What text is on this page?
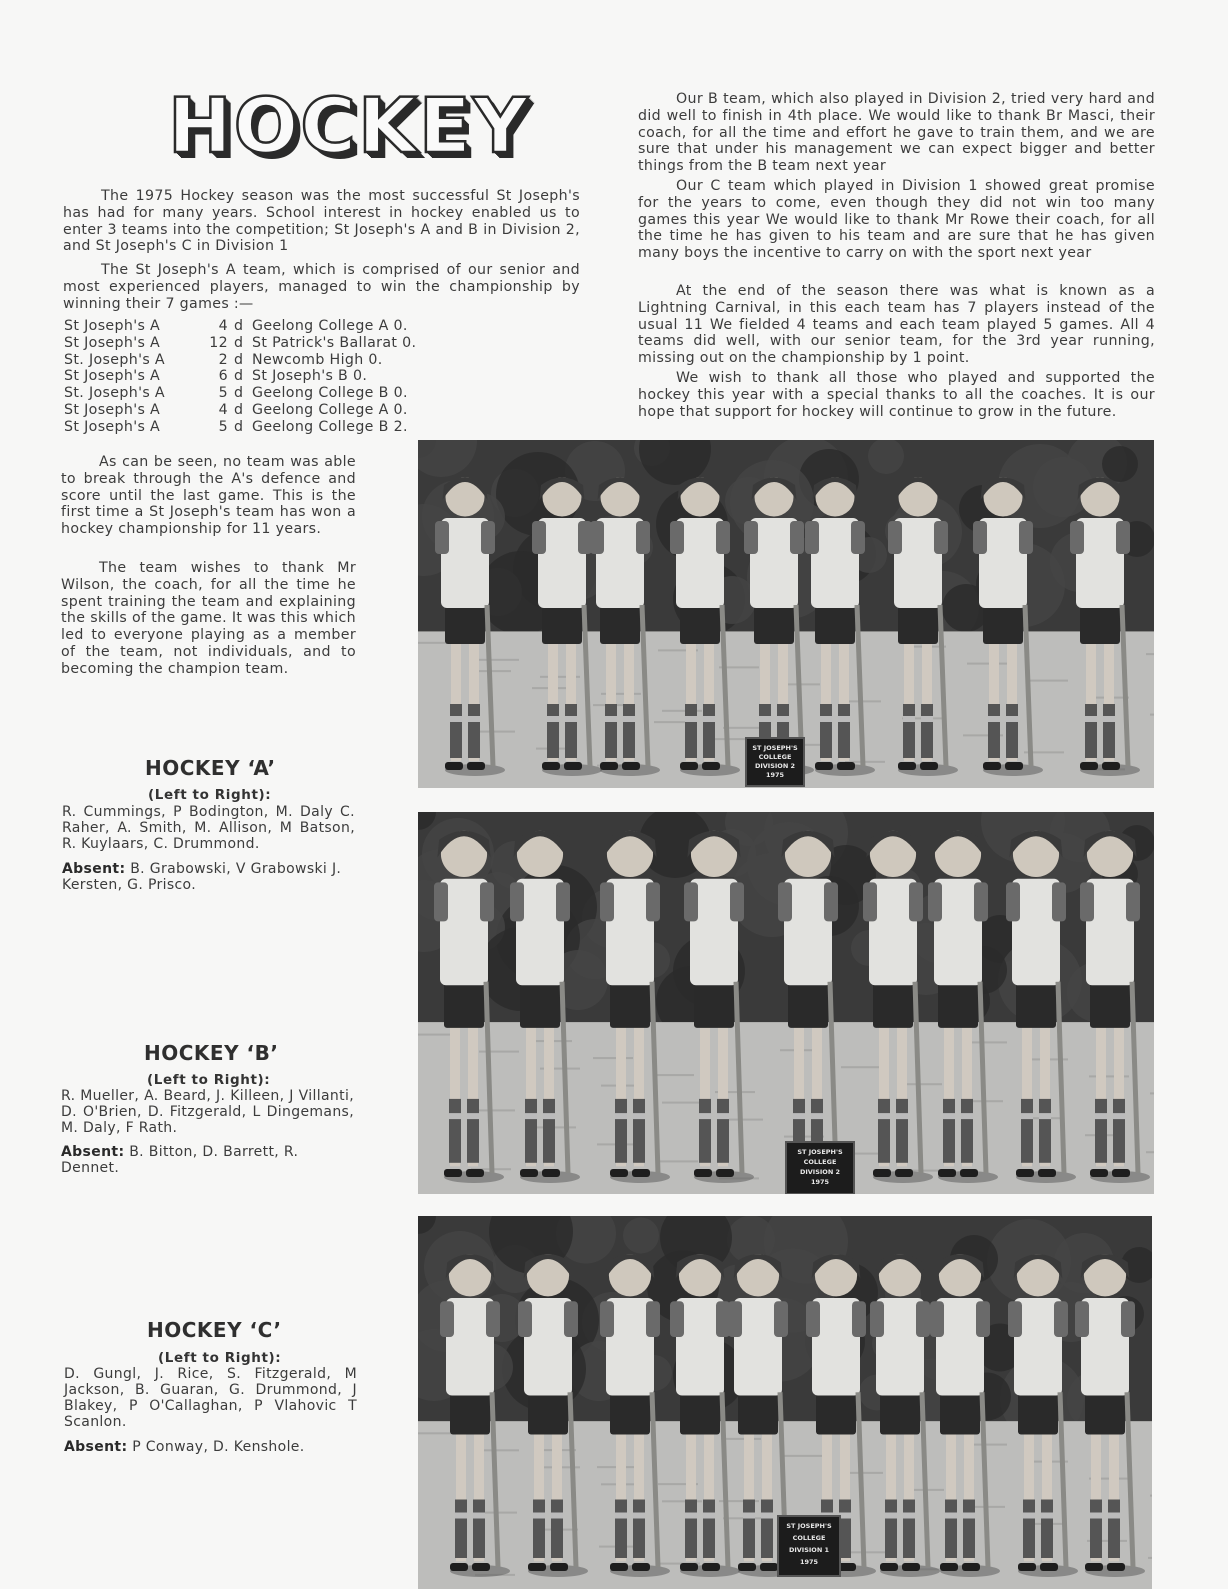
HOCKEY

The 1975 Hockey season was the most successful St Joseph's has had for many years. School interest in hockey enabled us to enter 3 teams into the competition; St Joseph's A and B in Division 2, and St Joseph's C in Division 1

The St Joseph's A team, which is comprised of our senior and most experienced players, managed to win the championship by winning their 7 games :—

St Joseph's A	4 d Geelong College A 0.
St Joseph's A	12 d St Patrick's Ballarat 0.
St. Joseph's A	2 d Newcomb High 0.
St Joseph's A	6 d St Joseph's B 0.
St. Joseph's A	5 d Geelong College B 0.
St Joseph's A	4 d Geelong College A 0.
St Joseph's A	5 d Geelong College B 2.

As can be seen, no team was able to break through the A's defence and score until the last game. This is the first time a St Joseph's team has won a hockey championship for 11 years.

The team wishes to thank Mr Wilson, the coach, for all the time he spent training the team and explaining the skills of the game. It was this which led to everyone playing as a member of the team, not individuals, and to becoming the champion team.

Our B team, which also played in Division 2, tried very hard and did well to finish in 4th place. We would like to thank Br Masci, their coach, for all the time and effort he gave to train them, and we are sure that under his management we can expect bigger and better things from the B team next year

Our C team which played in Division 1 showed great promise for the years to come, even though they did not win too many games this year We would like to thank Mr Rowe their coach, for all the time he has given to his team and are sure that he has given many boys the incentive to carry on with the sport next year

At the end of the season there was what is known as a Lightning Carnival, in this each team has 7 players instead of the usual 11 We fielded 4 teams and each team played 5 games. All 4 teams did well, with our senior team, for the 3rd year running, missing out on the championship by 1 point.

We wish to thank all those who played and supported the hockey this year with a special thanks to all the coaches. It is our hope that support for hockey will continue to grow in the future.

HOCKEY ‘A’

(Left to Right):

R. Cummings, P Bodington, M. Daly C. Raher, A. Smith, M. Allison, M Batson, R. Kuylaars, C. Drummond.

Absent: B. Grabowski, V Grabowski J. Kersten, G. Prisco.

HOCKEY ‘B’

(Left to Right):

R. Mueller, A. Beard, J. Killeen, J Villanti, D. O'Brien, D. Fitzgerald, L Dingemans, M. Daly, F Rath.

Absent: B. Bitton, D. Barrett, R. Dennet.

HOCKEY ‘C’

(Left to Right):

D. Gungl, J. Rice, S. Fitzgerald, M Jackson, B. Guaran, G. Drummond, J Blakey, P O'Callaghan, P Vlahovic T Scanlon.

Absent: P Conway, D. Kenshole.

ST JOSEPH'S
COLLEGE
DIVISION 2
1975
ST JOSEPH'S
COLLEGE
DIVISION 2
1975
ST JOSEPH'S
COLLEGE
DIVISION 1
1975
